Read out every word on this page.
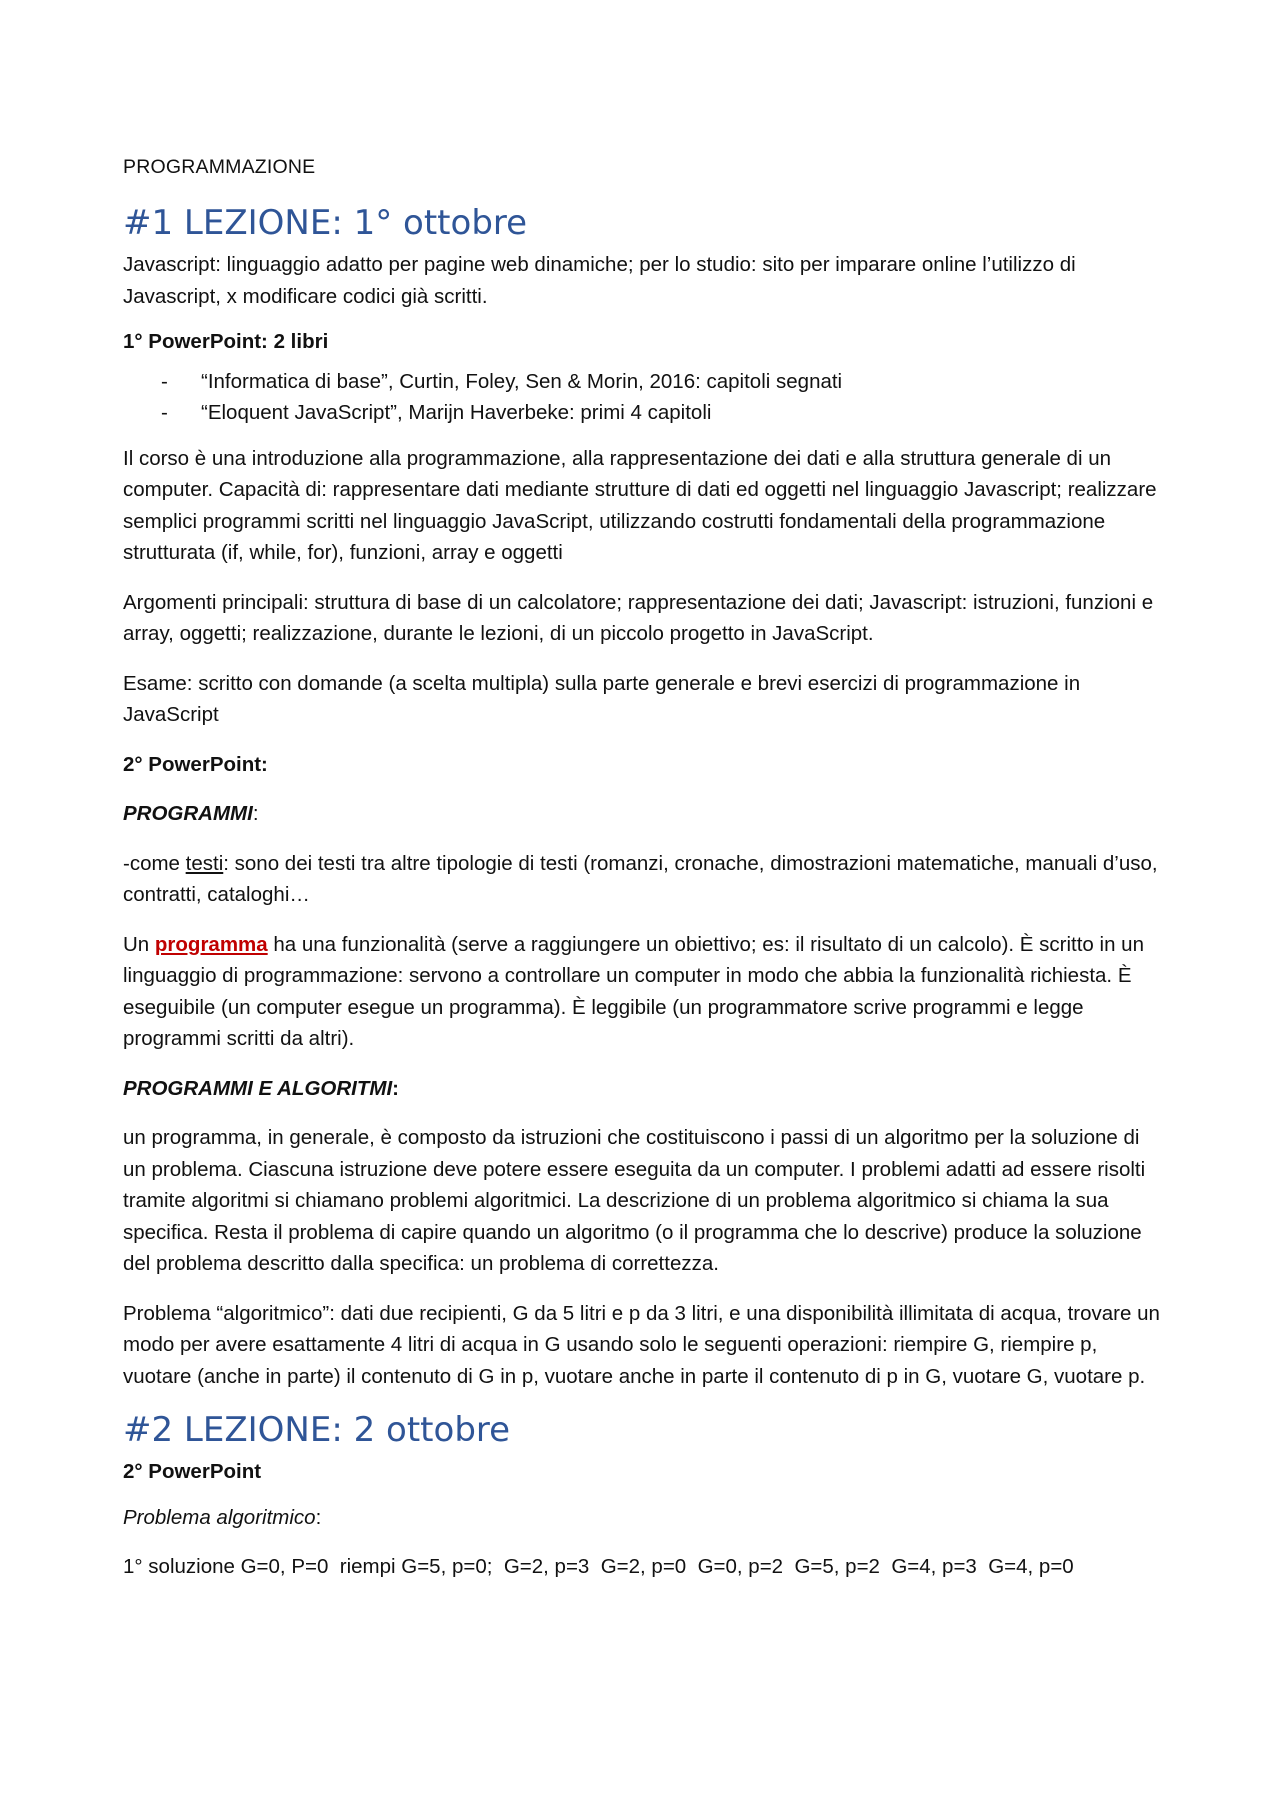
PROGRAMMAZIONE
#1 LEZIONE: 1° ottobre

Javascript: linguaggio adatto per pagine web dinamiche; per lo studio: sito per imparare online l’utilizzo di Javascript, x modificare codici già scritti.

1° PowerPoint: 2 libri

-	“Informatica di base”, Curtin, Foley, Sen & Morin, 2016: capitoli segnati
-	“Eloquent JavaScript”, Marijn Haverbeke: primi 4 capitoli

Il corso è una introduzione alla programmazione, alla rappresentazione dei dati e alla struttura generale di un computer. Capacità di: rappresentare dati mediante strutture di dati ed oggetti nel linguaggio Javascript; realizzare semplici programmi scritti nel linguaggio JavaScript, utilizzando costrutti fondamentali della programmazione strutturata (if, while, for), funzioni, array e oggetti

Argomenti principali: struttura di base di un calcolatore; rappresentazione dei dati; Javascript: istruzioni, funzioni e array, oggetti; realizzazione, durante le lezioni, di un piccolo progetto in JavaScript.

Esame: scritto con domande (a scelta multipla) sulla parte generale e brevi esercizi di programmazione in JavaScript

2° PowerPoint:

PROGRAMMI:

-come testi: sono dei testi tra altre tipologie di testi (romanzi, cronache, dimostrazioni matematiche, manuali d’uso, contratti, cataloghi…

Un programma ha una funzionalità (serve a raggiungere un obiettivo; es: il risultato di un calcolo). È scritto in un linguaggio di programmazione: servono a controllare un computer in modo che abbia la funzionalità richiesta. È eseguibile (un computer esegue un programma). È leggibile (un programmatore scrive programmi e legge programmi scritti da altri).

PROGRAMMI E ALGORITMI:

un programma, in generale, è composto da istruzioni che costituiscono i passi di un algoritmo per la soluzione di un problema. Ciascuna istruzione deve potere essere eseguita da un computer. I problemi adatti ad essere risolti tramite algoritmi si chiamano problemi algoritmici. La descrizione di un problema algoritmico si chiama la sua specifica. Resta il problema di capire quando un algoritmo (o il programma che lo descrive) produce la soluzione del problema descritto dalla specifica: un problema di correttezza.

Problema “algoritmico”: dati due recipienti, G da 5 litri e p da 3 litri, e una disponibilità illimitata di acqua, trovare un modo per avere esattamente 4 litri di acqua in G usando solo le seguenti operazioni: riempire G, riempire p, vuotare (anche in parte) il contenuto di G in p, vuotare anche in parte il contenuto di p in G, vuotare G, vuotare p.

#2 LEZIONE: 2 ottobre

2° PowerPoint

Problema algoritmico:

1° soluzione G=0, P=0  riempi G=5, p=0;  G=2, p=3  G=2, p=0  G=0, p=2  G=5, p=2  G=4, p=3  G=4, p=0
